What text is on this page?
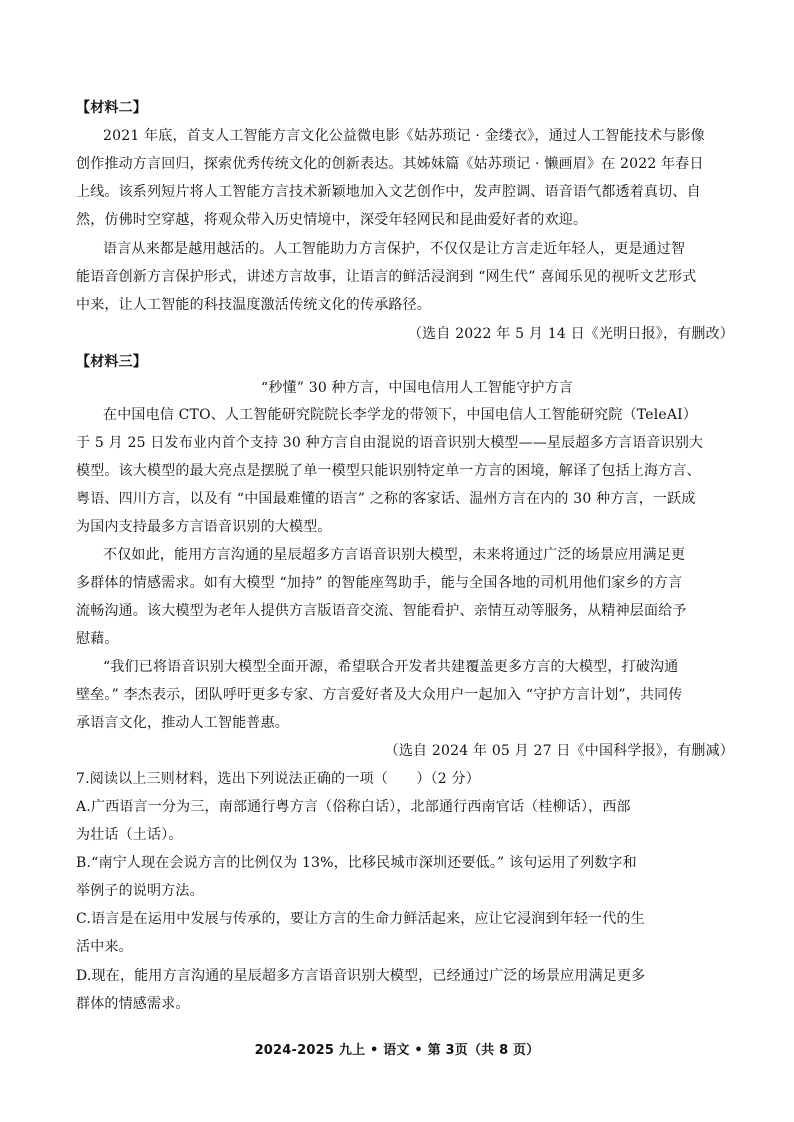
【材料二】
2021 年底，首支人工智能方言文化公益微电影《姑苏琐记 · 金缕衣》，通过人工智能技术与影像
创作推动方言回归，探索优秀传统文化的创新表达。其姊妹篇《姑苏琐记 · 懒画眉》在 2022 年春日
上线。该系列短片将人工智能方言技术新颖地加入文艺创作中，发声腔调、语音语气都透着真切、自
然，仿佛时空穿越，将观众带入历史情境中，深受年轻网民和昆曲爱好者的欢迎。
语言从来都是越用越活的。人工智能助力方言保护，不仅仅是让方言走近年轻人，更是通过智
能语音创新方言保护形式，讲述方言故事，让语言的鲜活浸润到 “网生代” 喜闻乐见的视听文艺形式
中来，让人工智能的科技温度激活传统文化的传承路径。
（选自 2022 年 5 月 14 日《光明日报》，有删改）
【材料三】
“秒懂” 30 种方言，中国电信用人工智能守护方言
在中国电信 CTO、人工智能研究院院长李学龙的带领下，中国电信人工智能研究院（TeleAI）
于 5 月 25 日发布业内首个支持 30 种方言自由混说的语音识别大模型——星辰超多方言语音识别大
模型。该大模型的最大亮点是摆脱了单一模型只能识别特定单一方言的困境，解译了包括上海方言、
粤语、四川方言，以及有 “中国最难懂的语言” 之称的客家话、温州方言在内的 30 种方言，一跃成
为国内支持最多方言语音识别的大模型。
不仅如此，能用方言沟通的星辰超多方言语音识别大模型，未来将通过广泛的场景应用满足更
多群体的情感需求。如有大模型 “加持” 的智能座驾助手，能与全国各地的司机用他们家乡的方言
流畅沟通。该大模型为老年人提供方言版语音交流、智能看护、亲情互动等服务，从精神层面给予
慰藉。
“我们已将语音识别大模型全面开源，希望联合开发者共建覆盖更多方言的大模型，打破沟通
壁垒。” 李杰表示，团队呼吁更多专家、方言爱好者及大众用户一起加入 “守护方言计划”，共同传
承语言文化，推动人工智能普惠。
（选自 2024 年 05 月 27 日《中国科学报》，有删减）
7.阅读以上三则材料，选出下列说法正确的一项（　　）（2 分）
A.广西语言一分为三，南部通行粤方言（俗称白话），北部通行西南官话（桂柳话），西部
为壮话（土话）。
B.“南宁人现在会说方言的比例仅为 13%，比移民城市深圳还要低。” 该句运用了列数字和
举例子的说明方法。
C.语言是在运用中发展与传承的，要让方言的生命力鲜活起来，应让它浸润到年轻一代的生
活中来。
D.现在，能用方言沟通的星辰超多方言语音识别大模型，已经通过广泛的场景应用满足更多
群体的情感需求。
2024-2025 九上 • 语文 • 第 3页（共 8 页）
